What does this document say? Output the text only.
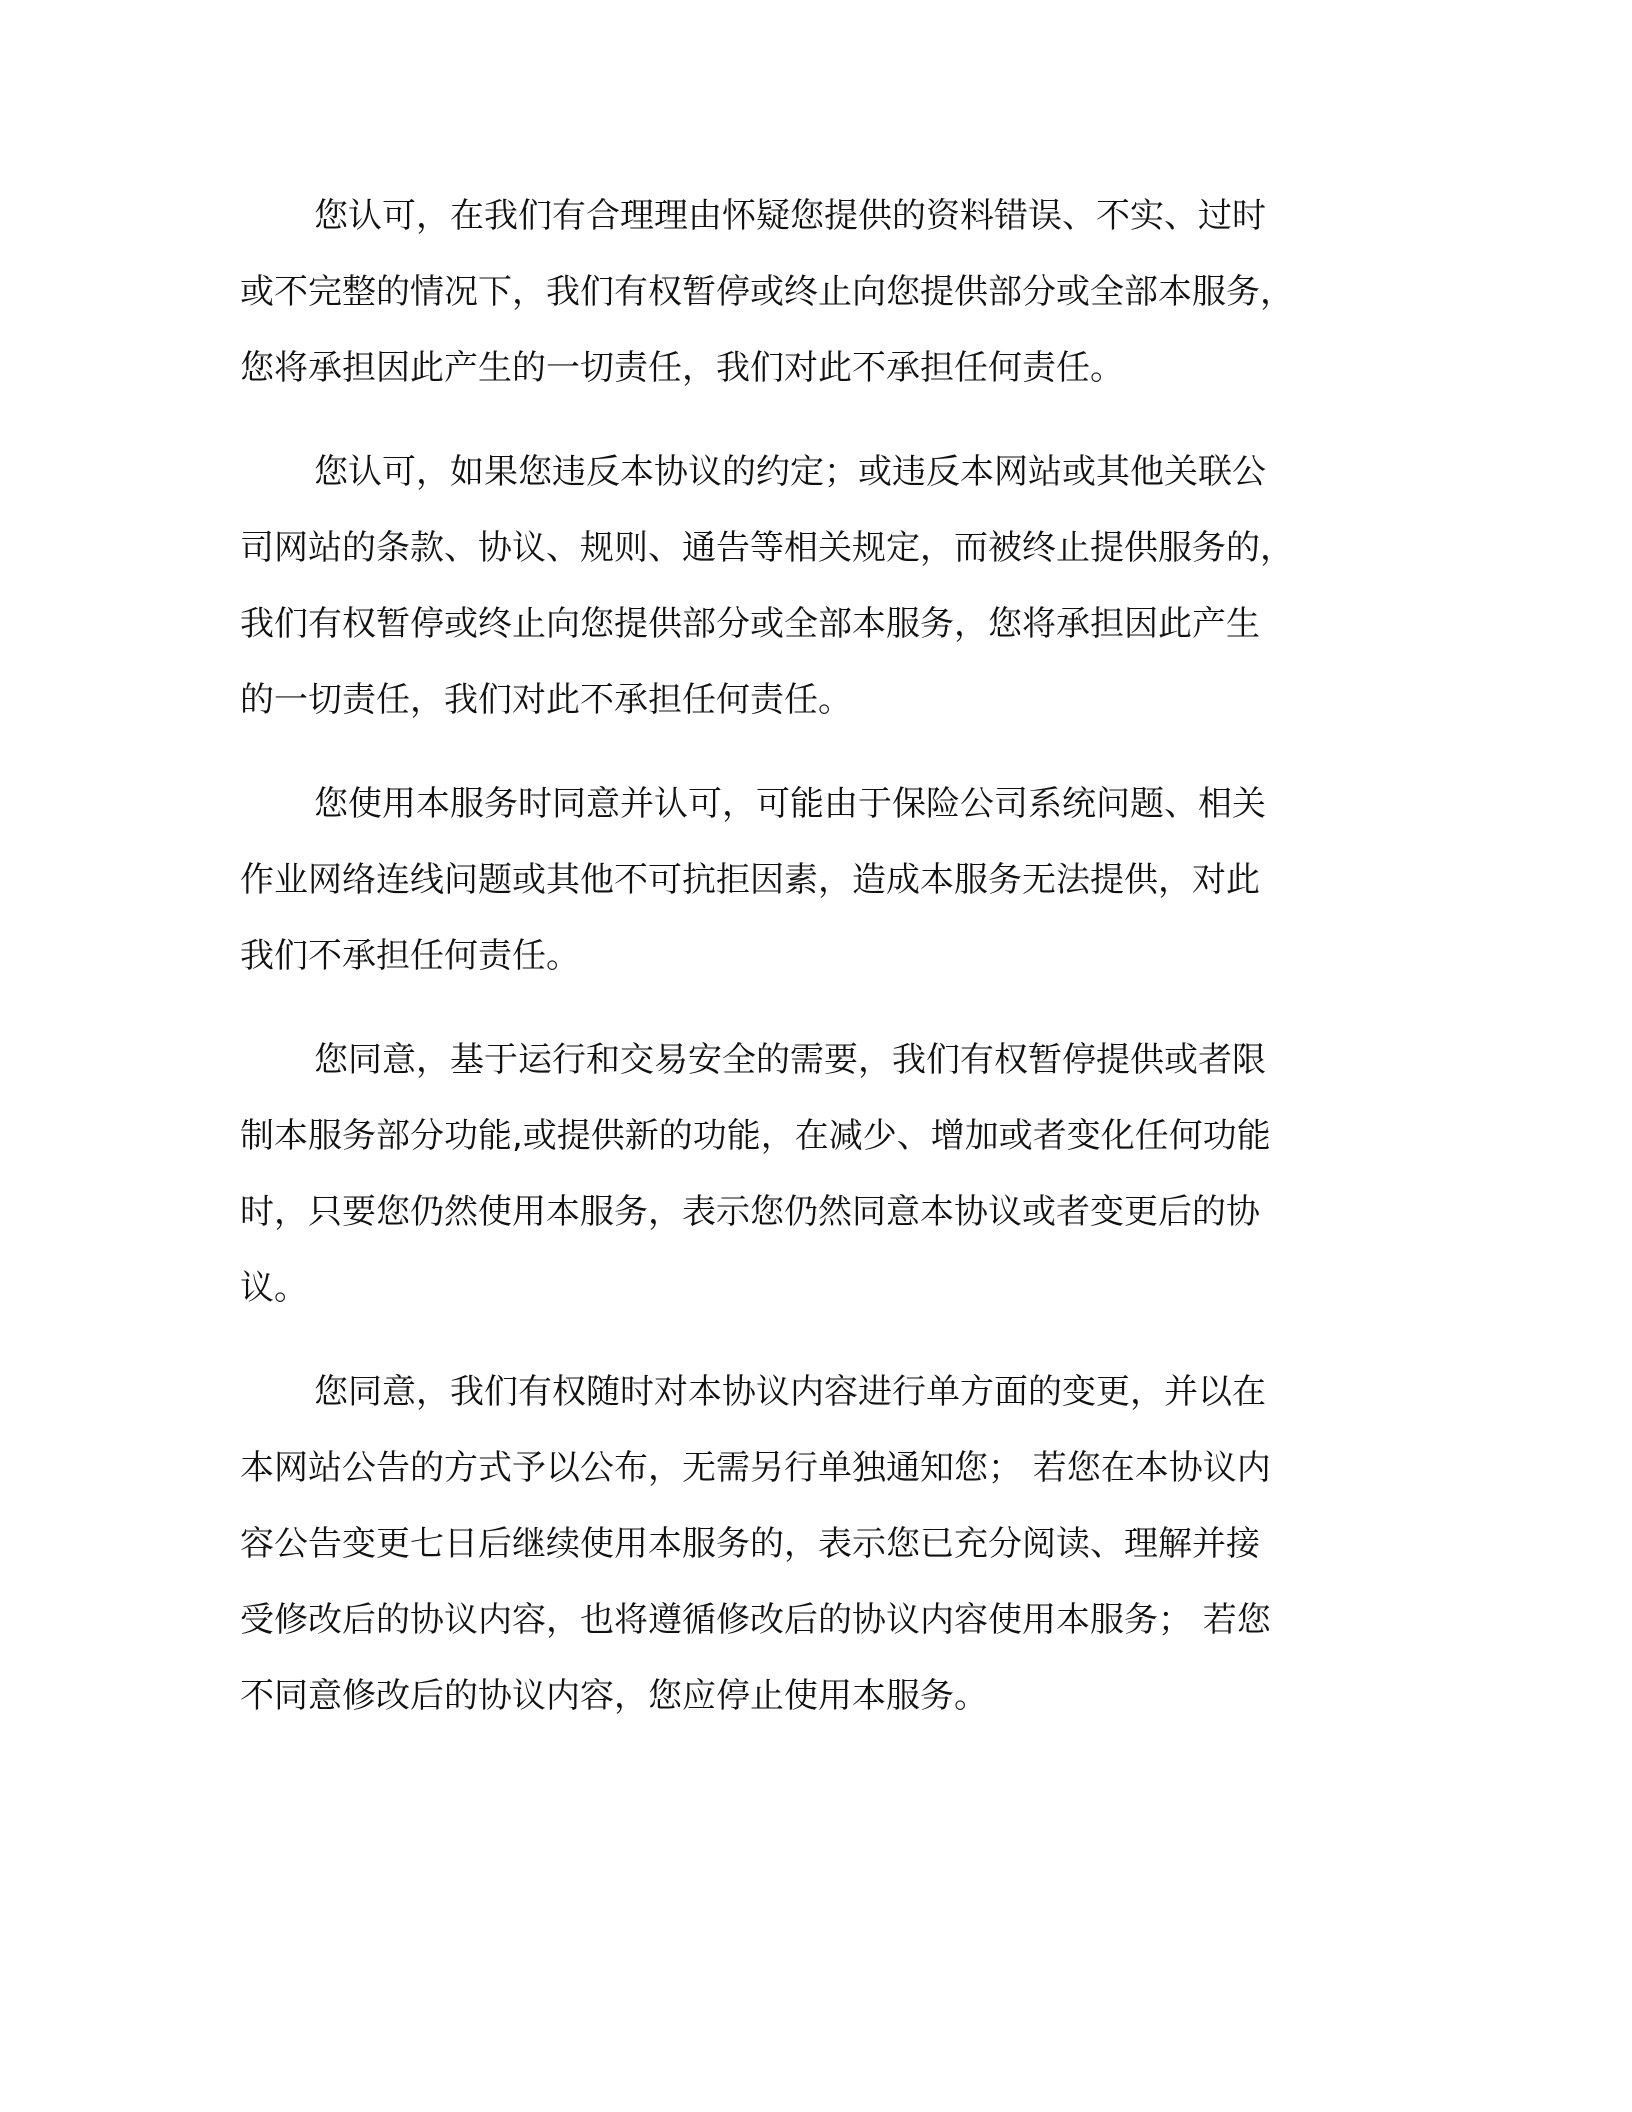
您认可，在我们有合理理由怀疑您提供的资料错误、不实、过时

或不完整的情况下，我们有权暂停或终止向您提供部分或全部本服务，

您将承担因此产生的一切责任，我们对此不承担任何责任。

您认可，如果您违反本协议的约定；或违反本网站或其他关联公

司网站的条款、协议、规则、通告等相关规定，而被终止提供服务的，

我们有权暂停或终止向您提供部分或全部本服务，您将承担因此产生

的一切责任，我们对此不承担任何责任。

您使用本服务时同意并认可，可能由于保险公司系统问题、相关

作业网络连线问题或其他不可抗拒因素，造成本服务无法提供，对此

我们不承担任何责任。

您同意，基于运行和交易安全的需要，我们有权暂停提供或者限

制本服务部分功能,或提供新的功能，在减少、增加或者变化任何功能

时，只要您仍然使用本服务，表示您仍然同意本协议或者变更后的协

议。

您同意，我们有权随时对本协议内容进行单方面的变更，并以在

本网站公告的方式予以公布，无需另行单独通知您； 若您在本协议内

容公告变更七日后继续使用本服务的，表示您已充分阅读、理解并接

受修改后的协议内容，也将遵循修改后的协议内容使用本服务； 若您

不同意修改后的协议内容，您应停止使用本服务。
